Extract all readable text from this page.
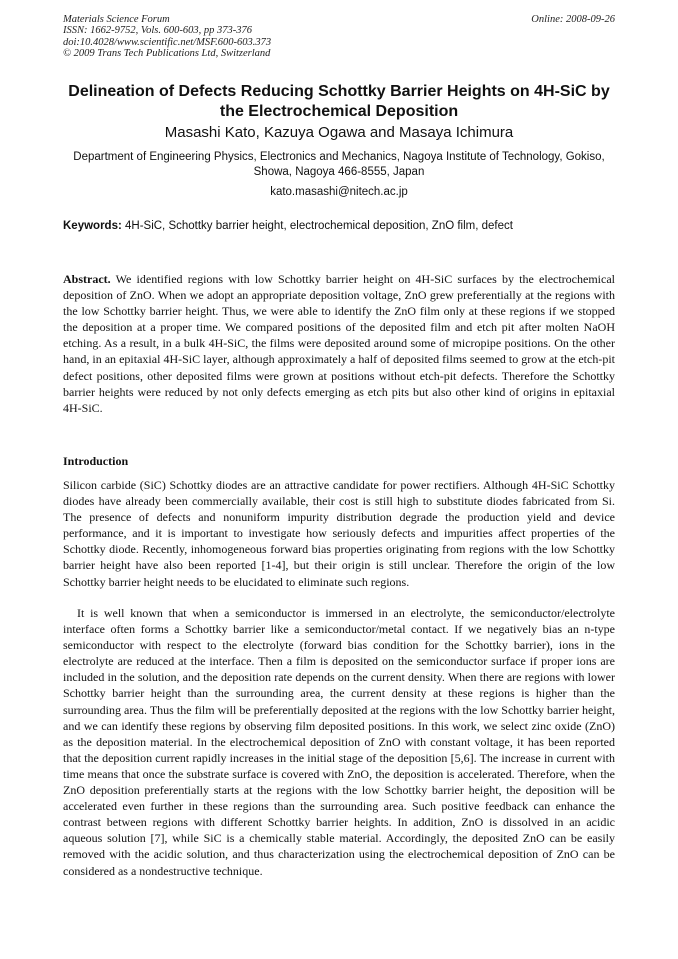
Materials Science Forum
ISSN: 1662-9752, Vols. 600-603, pp 373-376
doi:10.4028/www.scientific.net/MSF.600-603.373
© 2009 Trans Tech Publications Ltd, Switzerland
Online: 2008-09-26
Delineation of Defects Reducing Schottky Barrier Heights on 4H-SiC by the Electrochemical Deposition
Masashi Kato, Kazuya Ogawa and Masaya Ichimura
Department of Engineering Physics, Electronics and Mechanics, Nagoya Institute of Technology, Gokiso, Showa, Nagoya 466-8555, Japan
kato.masashi@nitech.ac.jp
Keywords: 4H-SiC, Schottky barrier height, electrochemical deposition, ZnO film, defect

Abstract. We identified regions with low Schottky barrier height on 4H-SiC surfaces by the electrochemical deposition of ZnO. When we adopt an appropriate deposition voltage, ZnO grew preferentially at the regions with the low Schottky barrier height. Thus, we were able to identify the ZnO film only at these regions if we stopped the deposition at a proper time. We compared positions of the deposited film and etch pit after molten NaOH etching. As a result, in a bulk 4H-SiC, the films were deposited around some of micropipe positions. On the other hand, in an epitaxial 4H-SiC layer, although approximately a half of deposited films seemed to grow at the etch-pit defect positions, other deposited films were grown at positions without etch-pit defects. Therefore the Schottky barrier heights were reduced by not only defects emerging as etch pits but also other kind of origins in epitaxial 4H-SiC.

Introduction

Silicon carbide (SiC) Schottky diodes are an attractive candidate for power rectifiers. Although 4H-SiC Schottky diodes have already been commercially available, their cost is still high to substitute diodes fabricated from Si. The presence of defects and nonuniform impurity distribution degrade the production yield and device performance, and it is important to investigate how seriously defects and impurities affect properties of the Schottky diode. Recently, inhomogeneous forward bias properties originating from regions with the low Schottky barrier height have also been reported [1-4], but their origin is still unclear. Therefore the origin of the low Schottky barrier height needs to be elucidated to eliminate such regions.

It is well known that when a semiconductor is immersed in an electrolyte, the semiconductor/electrolyte interface often forms a Schottky barrier like a semiconductor/metal contact. If we negatively bias an n-type semiconductor with respect to the electrolyte (forward bias condition for the Schottky barrier), ions in the electrolyte are reduced at the interface. Then a film is deposited on the semiconductor surface if proper ions are included in the solution, and the deposition rate depends on the current density. When there are regions with lower Schottky barrier height than the surrounding area, the current density at these regions is higher than the surrounding area. Thus the film will be preferentially deposited at the regions with the low Schottky barrier height, and we can identify these regions by observing film deposited positions. In this work, we select zinc oxide (ZnO) as the deposition material. In the electrochemical deposition of ZnO with constant voltage, it has been reported that the deposition current rapidly increases in the initial stage of the deposition [5,6]. The increase in current with time means that once the substrate surface is covered with ZnO, the deposition is accelerated. Therefore, when the ZnO deposition preferentially starts at the regions with the low Schottky barrier height, the deposition will be accelerated even further in these regions than the surrounding area. Such positive feedback can enhance the contrast between regions with different Schottky barrier heights. In addition, ZnO is dissolved in an acidic aqueous solution [7], while SiC is a chemically stable material. Accordingly, the deposited ZnO can be easily removed with the acidic solution, and thus characterization using the electrochemical deposition of ZnO can be considered as a nondestructive technique.
